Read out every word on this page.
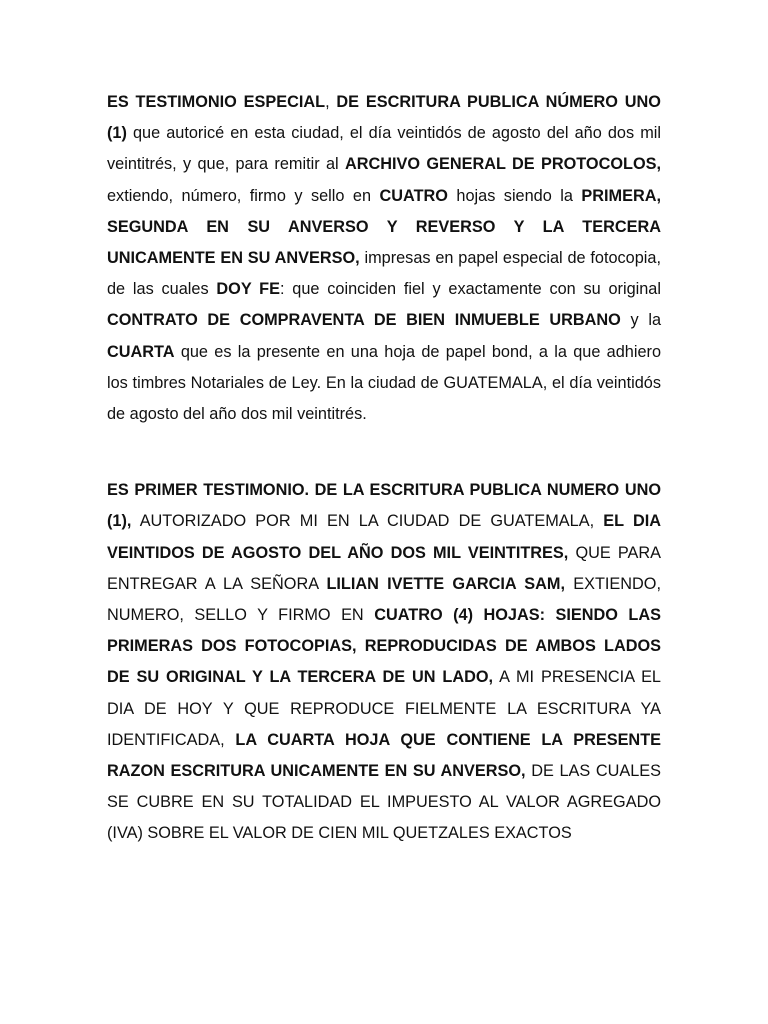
ES TESTIMONIO ESPECIAL, DE ESCRITURA PUBLICA NÚMERO UNO (1) que autoricé en esta ciudad, el día veintidós de agosto del año dos mil veintitrés, y que, para remitir al ARCHIVO GENERAL DE PROTOCOLOS, extiendo, número, firmo y sello en CUATRO hojas siendo la PRIMERA, SEGUNDA EN SU ANVERSO Y REVERSO Y LA TERCERA UNICAMENTE EN SU ANVERSO, impresas en papel especial de fotocopia, de las cuales DOY FE: que coinciden fiel y exactamente con su original CONTRATO DE COMPRAVENTA DE BIEN INMUEBLE URBANO y la CUARTA que es la presente en una hoja de papel bond, a la que adhiero los timbres Notariales de Ley. En la ciudad de GUATEMALA, el día veintidós de agosto del año dos mil veintitrés.

ES PRIMER TESTIMONIO. DE LA ESCRITURA PUBLICA NUMERO UNO (1), AUTORIZADO POR MI EN LA CIUDAD DE GUATEMALA, EL DIA VEINTIDOS DE AGOSTO DEL AÑO DOS MIL VEINTITRES, QUE PARA ENTREGAR A LA SEÑORA LILIAN IVETTE GARCIA SAM, EXTIENDO, NUMERO, SELLO Y FIRMO EN CUATRO (4) HOJAS: SIENDO LAS PRIMERAS DOS FOTOCOPIAS, REPRODUCIDAS DE AMBOS LADOS DE SU ORIGINAL Y LA TERCERA DE UN LADO, A MI PRESENCIA EL DIA DE HOY Y QUE REPRODUCE FIELMENTE LA ESCRITURA YA IDENTIFICADA, LA CUARTA HOJA QUE CONTIENE LA PRESENTE RAZON ESCRITURA UNICAMENTE EN SU ANVERSO, DE LAS CUALES SE CUBRE EN SU TOTALIDAD EL IMPUESTO AL VALOR AGREGADO (IVA) SOBRE EL VALOR DE CIEN MIL QUETZALES EXACTOS
